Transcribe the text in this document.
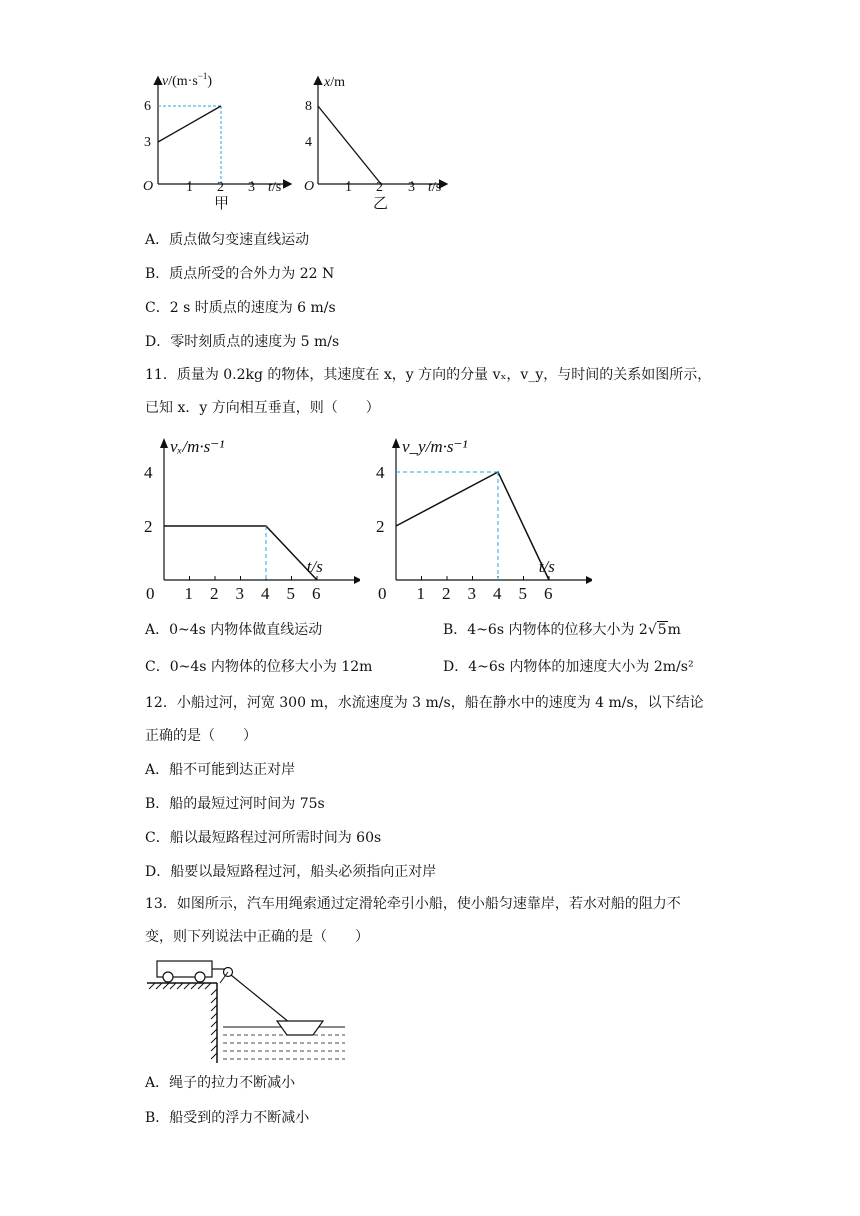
$v/(m\cdot s^{-1})$
6
3
O 1 2 3 t/s
甲
x/m
8
4
O 1 2 3 t/s
乙
A．质点做匀变速直线运动
B．质点所受的合外力为 22 N
C．2 s 时质点的速度为 6 m/s
D．零时刻质点的速度为 5 m/s
11．质量为 0.2kg 的物体，其速度在 x，y 方向的分量 vₓ，v_y，与时间的关系如图所示，
已知 x．y 方向相互垂直，则（　　）
1 2 3 4 5 6
4
2
0
vₓ/m·s⁻¹
t/s
1 2 3 4 5 6
4
2
0
v_y/m·s⁻¹
t/s
A．0~4s 内物体做直线运动	B．4~6s 内物体的位移大小为 2√5m
C．0~4s 内物体的位移大小为 12m	D．4~6s 内物体的加速度大小为 2m/s²
12．小船过河，河宽 300 m，水流速度为 3 m/s，船在静水中的速度为 4 m/s，以下结论
正确的是（　　）
A．船不可能到达正对岸
B．船的最短过河时间为 75s
C．船以最短路程过河所需时间为 60s
D．船要以最短路程过河，船头必须指向正对岸
13．如图所示，汽车用绳索通过定滑轮牵引小船，使小船匀速靠岸，若水对船的阻力不
变，则下列说法中正确的是（　　）
A．绳子的拉力不断减小
B．船受到的浮力不断减小
